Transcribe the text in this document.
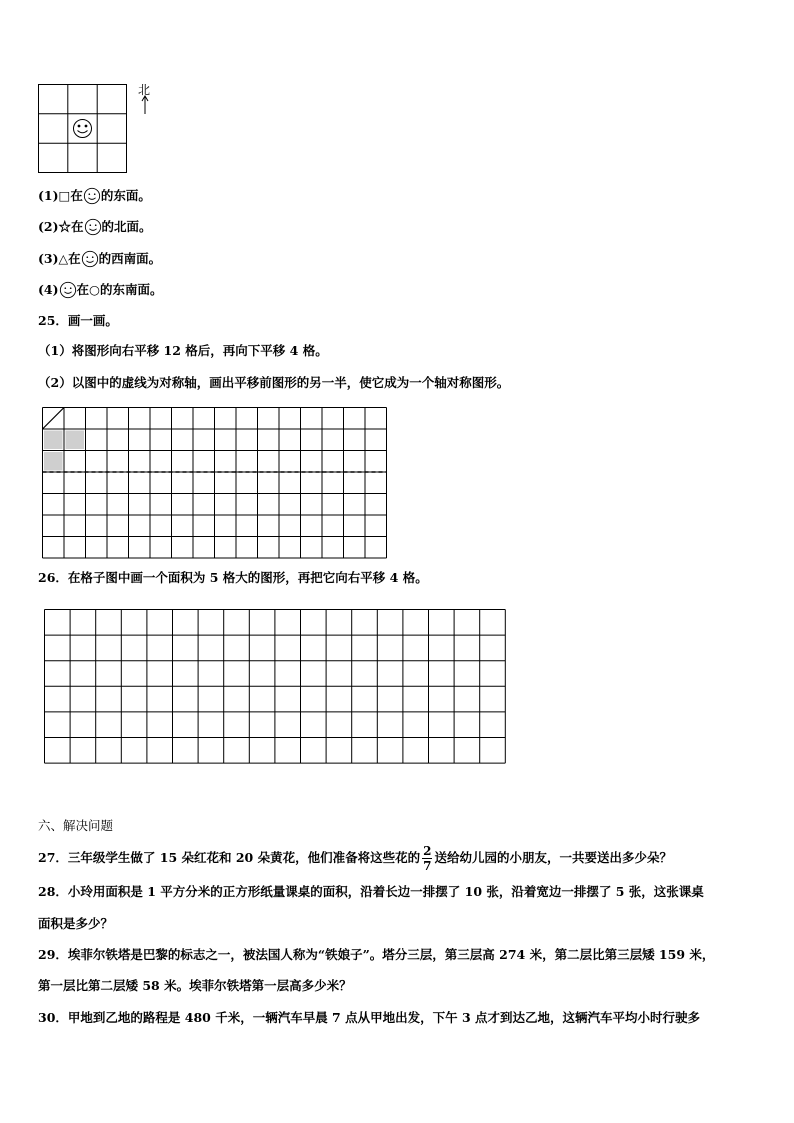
北
(1)□在 的东面。
(2)☆在 的北面。
(3)△在 的西南面。
(4) 在○的东南面。
25．画一画。
（1）将图形向右平移 12 格后，再向下平移 4 格。
（2）以图中的虚线为对称轴，画出平移前图形的另一半，使它成为一个轴对称图形。
26．在格子图中画一个面积为 5 格大的图形，再把它向右平移 4 格。
六、解决问题
27．三年级学生做了 15 朵红花和 20 朵黄花，他们准备将这些花的 $\frac{2}{7}$ 送给幼儿园的小朋友，一共要送出多少朵？
28．小玲用面积是 1 平方分米的正方形纸量课桌的面积，沿着长边一排摆了 10 张，沿着宽边一排摆了 5 张，这张课桌
面积是多少？
29．埃菲尔铁塔是巴黎的标志之一，被法国人称为“铁娘子”。塔分三层，第三层高 274 米，第二层比第三层矮 159 米，
第一层比第二层矮 58 米。埃菲尔铁塔第一层高多少米？
30．甲地到乙地的路程是 480 千米，一辆汽车早晨 7 点从甲地出发，下午 3 点才到达乙地，这辆汽车平均小时行驶多
